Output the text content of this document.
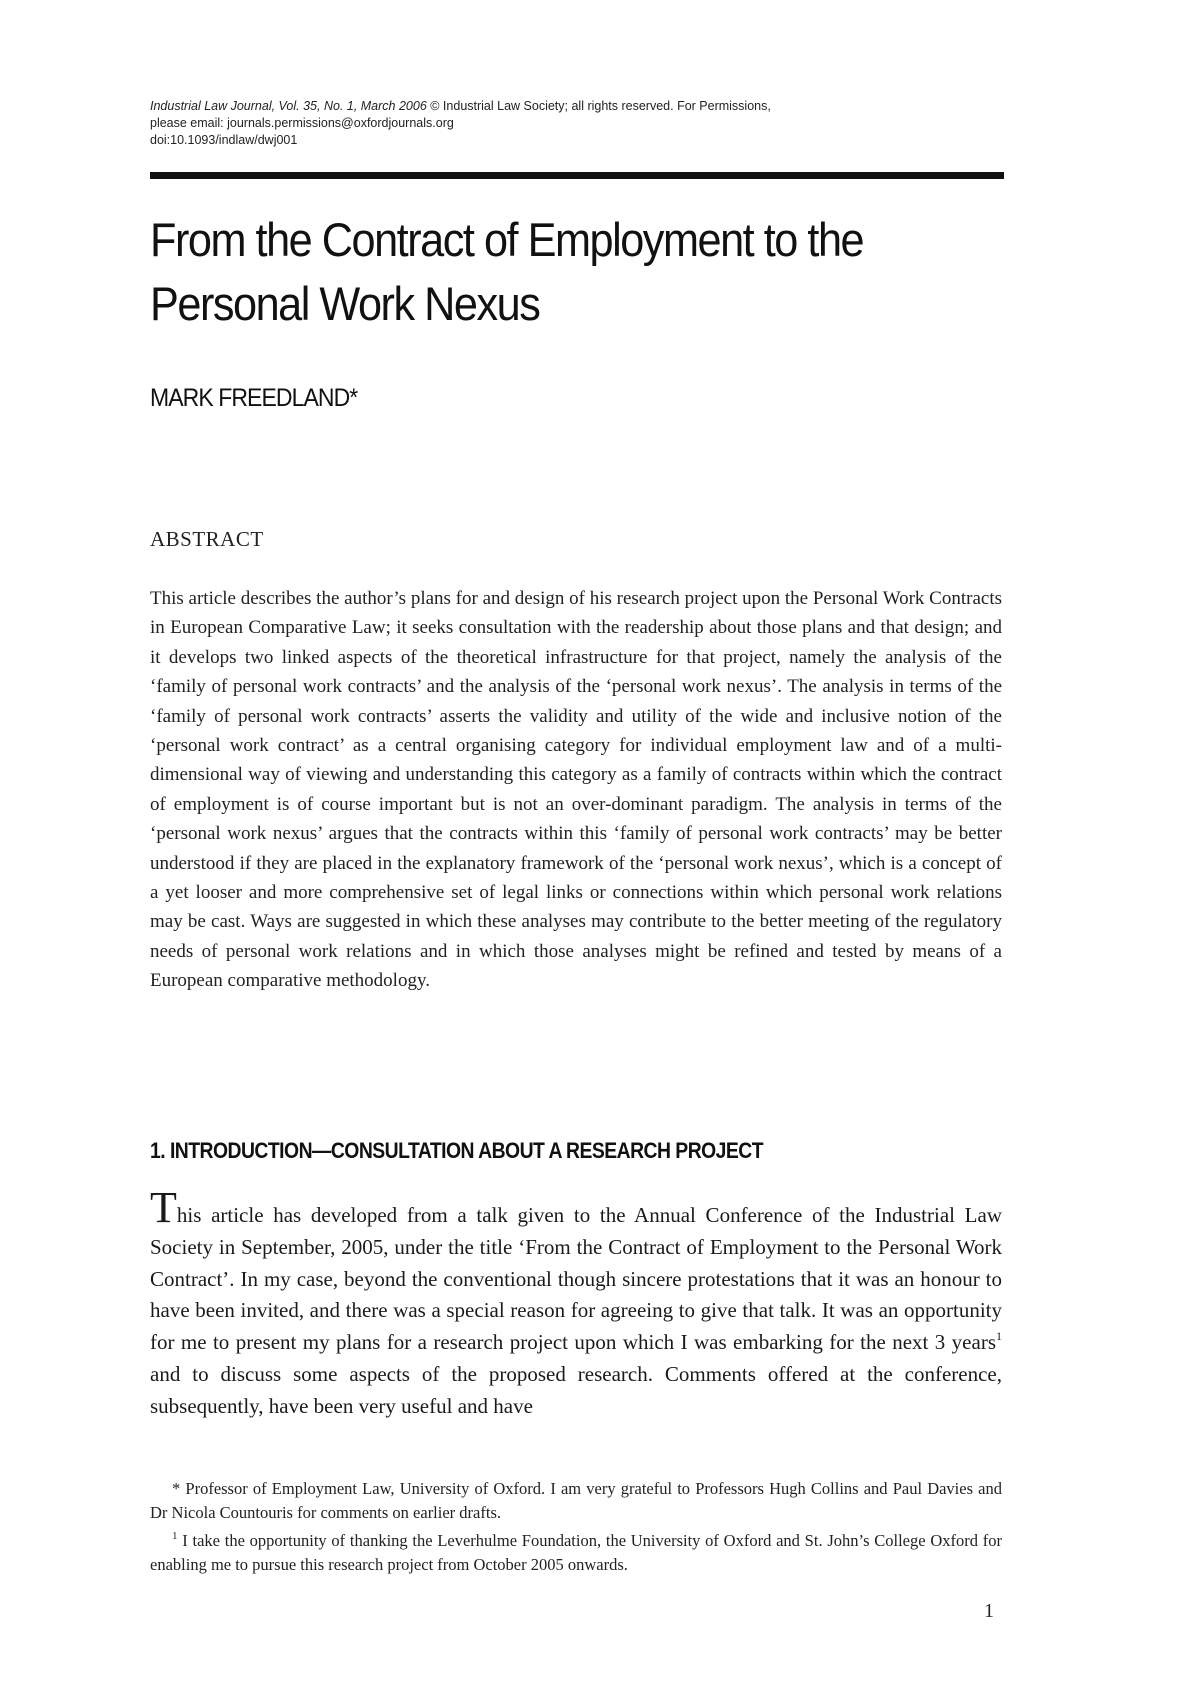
Industrial Law Journal, Vol. 35, No. 1, March 2006 © Industrial Law Society; all rights reserved. For Permissions,
please email: journals.permissions@oxfordjournals.org
doi:10.1093/indlaw/dwj001
From the Contract of Employment to the Personal Work Nexus
MARK FREEDLAND*
ABSTRACT

This article describes the author’s plans for and design of his research project upon the Personal Work Contracts in European Comparative Law; it seeks consultation with the readership about those plans and that design; and it develops two linked aspects of the theoretical infrastructure for that project, namely the analysis of the ‘family of personal work contracts’ and the analysis of the ‘personal work nexus’. The analysis in terms of the ‘family of personal work contracts’ asserts the validity and utility of the wide and inclusive notion of the ‘personal work contract’ as a central organising category for individual employment law and of a multi-dimensional way of viewing and understanding this category as a family of contracts within which the contract of employment is of course important but is not an over-dominant paradigm. The analysis in terms of the ‘personal work nexus’ argues that the contracts within this ‘family of personal work contracts’ may be better understood if they are placed in the explanatory framework of the ‘personal work nexus’, which is a concept of a yet looser and more comprehensive set of legal links or connections within which personal work relations may be cast. Ways are suggested in which these analyses may contribute to the better meeting of the regulatory needs of personal work relations and in which those analyses might be refined and tested by means of a European comparative methodology.

1. INTRODUCTION—CONSULTATION ABOUT A RESEARCH PROJECT

This article has developed from a talk given to the Annual Conference of the Industrial Law Society in September, 2005, under the title ‘From the Contract of Employment to the Personal Work Contract’. In my case, beyond the conventional though sincere protestations that it was an honour to have been invited, and there was a special reason for agreeing to give that talk. It was an opportunity for me to present my plans for a research project upon which I was embarking for the next 3 years$^1$ and to discuss some aspects of the proposed research. Comments offered at the conference, subsequently, have been very useful and have

* Professor of Employment Law, University of Oxford. I am very grateful to Professors Hugh Collins and Paul Davies and Dr Nicola Countouris for comments on earlier drafts.

$^1$ I take the opportunity of thanking the Leverhulme Foundation, the University of Oxford and St. John’s College Oxford for enabling me to pursue this research project from October 2005 onwards.

1
